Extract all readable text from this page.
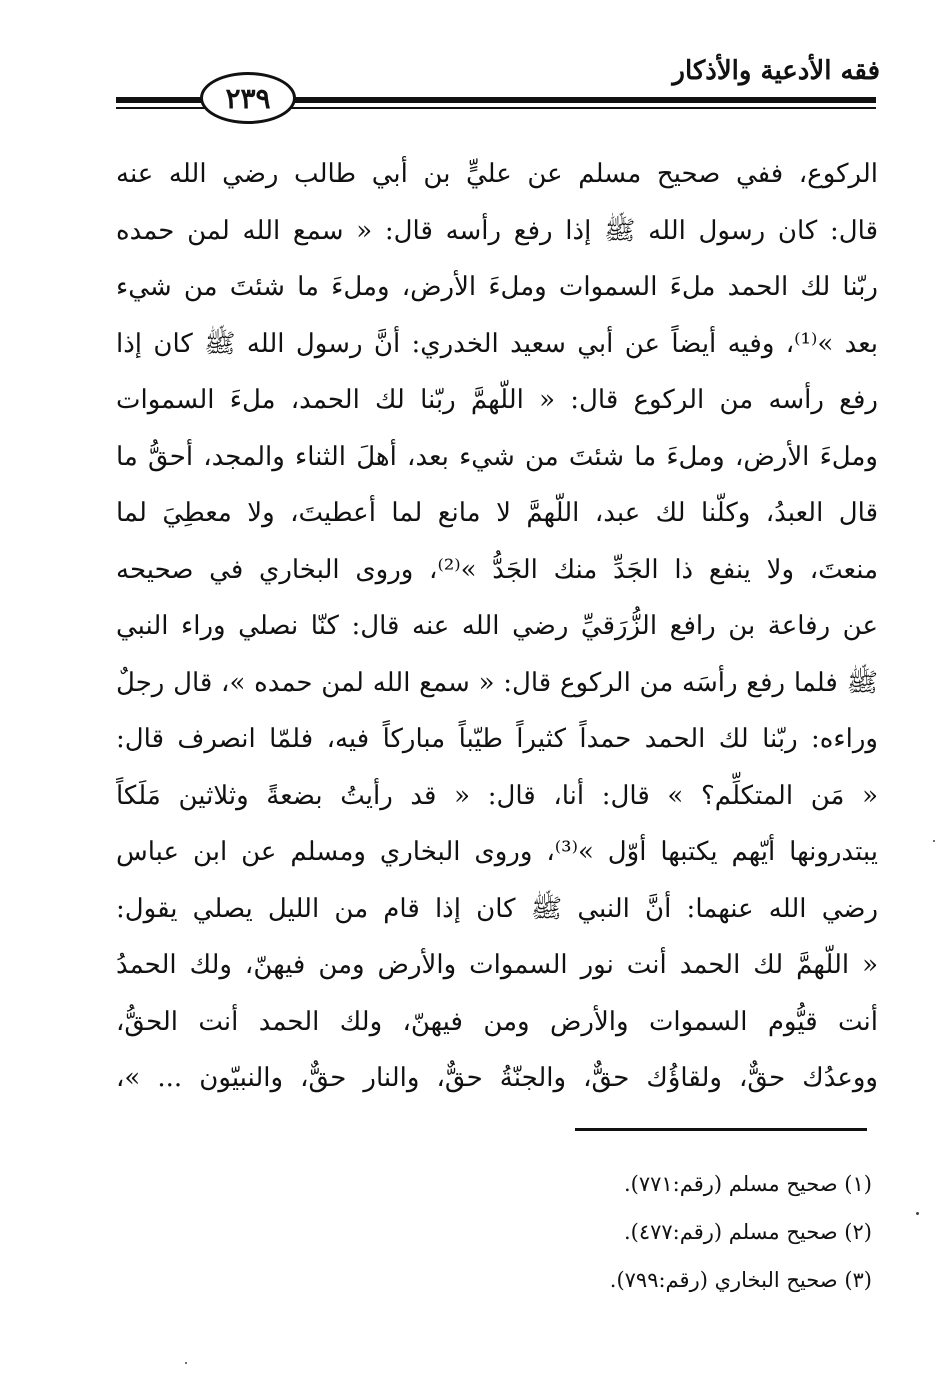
فقه الأدعية والأذكار
٢٣٩
الركوع، ففي صحيح مسلم عن عليٍّ بن أبي طالب رضي الله عنه
قال: كان رسول الله ﷺ إذا رفع رأسه قال: « سمع الله لمن حمده
ربّنا لك الحمد ملءَ السموات وملءَ الأرض، وملءَ ما شئتَ من شيء
بعد »⁽¹⁾، وفيه أيضاً عن أبي سعيد الخدري: أنَّ رسول الله ﷺ كان إذا
رفع رأسه من الركوع قال: « اللّهمَّ ربّنا لك الحمد، ملءَ السموات
وملءَ الأرض، وملءَ ما شئتَ من شيء بعد، أهلَ الثناء والمجد، أحقُّ ما
قال العبدُ، وكلّنا لك عبد، اللّهمَّ لا مانع لما أعطيتَ، ولا معطِيَ لما
منعتَ، ولا ينفع ذا الجَدِّ منك الجَدُّ »⁽²⁾، وروى البخاري في صحيحه
عن رفاعة بن رافع الزُّرَقيِّ رضي الله عنه قال: كنّا نصلي وراء النبي
ﷺ فلما رفع رأسَه من الركوع قال: « سمع الله لمن حمده »، قال رجلٌ
وراءه: ربّنا لك الحمد حمداً كثيراً طيّباً مباركاً فيه، فلمّا انصرف قال:
« مَن المتكلِّم؟ » قال: أنا، قال: « قد رأيتُ بضعةً وثلاثين مَلَكاً
يبتدرونها أيّهم يكتبها أوّل »⁽³⁾، وروى البخاري ومسلم عن ابن عباس
رضي الله عنهما: أنَّ النبي ﷺ كان إذا قام من الليل يصلي يقول:
« اللّهمَّ لك الحمد أنت نور السموات والأرض ومن فيهنّ، ولك الحمدُ
أنت قيُّوم السموات والأرض ومن فيهنّ، ولك الحمد أنت الحقُّ،
ووعدُك حقٌّ، ولقاؤُك حقٌّ، والجنّةُ حقٌّ، والنار حقٌّ، والنبيّون ... »،
(١) صحيح مسلم (رقم:٧٧١).
(٢) صحيح مسلم (رقم:٤٧٧).
(٣) صحيح البخاري (رقم:٧٩٩).
